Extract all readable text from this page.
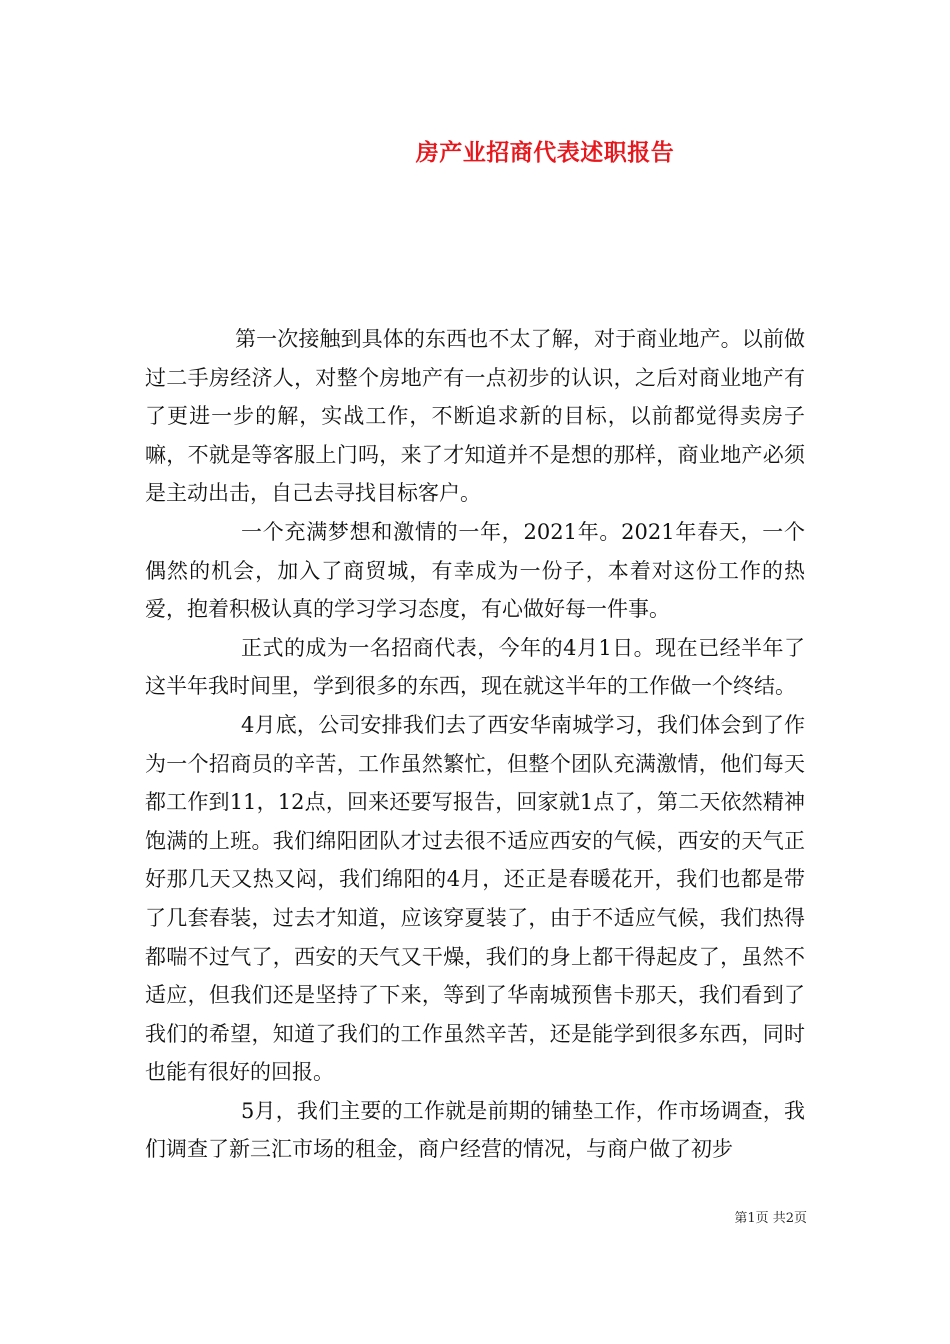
房产业招商代表述职报告

第一次接触到具体的东西也不太了解，对于商业地产。以前做过二手房经济人，对整个房地产有一点初步的认识，之后对商业地产有了更进一步的解，实战工作，不断追求新的目标，以前都觉得卖房子嘛，不就是等客服上门吗，来了才知道并不是想的那样，商业地产必须是主动出击，自己去寻找目标客户。

一个充满梦想和激情的一年，2021年。2021年春天，一个偶然的机会，加入了商贸城，有幸成为一份子，本着对这份工作的热爱，抱着积极认真的学习学习态度，有心做好每一件事。

正式的成为一名招商代表，今年的4月1日。现在已经半年了这半年我时间里，学到很多的东西，现在就这半年的工作做一个终结。

4月底，公司安排我们去了西安华南城学习，我们体会到了作为一个招商员的辛苦，工作虽然繁忙，但整个团队充满激情，他们每天都工作到11，12点，回来还要写报告，回家就1点了，第二天依然精神饱满的上班。我们绵阳团队才过去很不适应西安的气候，西安的天气正好那几天又热又闷，我们绵阳的4月，还正是春暖花开，我们也都是带了几套春装，过去才知道，应该穿夏装了，由于不适应气候，我们热得都喘不过气了，西安的天气又干燥，我们的身上都干得起皮了，虽然不适应，但我们还是坚持了下来，等到了华南城预售卡那天，我们看到了我们的希望，知道了我们的工作虽然辛苦，还是能学到很多东西，同时也能有很好的回报。

5月，我们主要的工作就是前期的铺垫工作，作市场调查，我们调查了新三汇市场的租金，商户经营的情况，与商户做了初步

第1页 共2页
